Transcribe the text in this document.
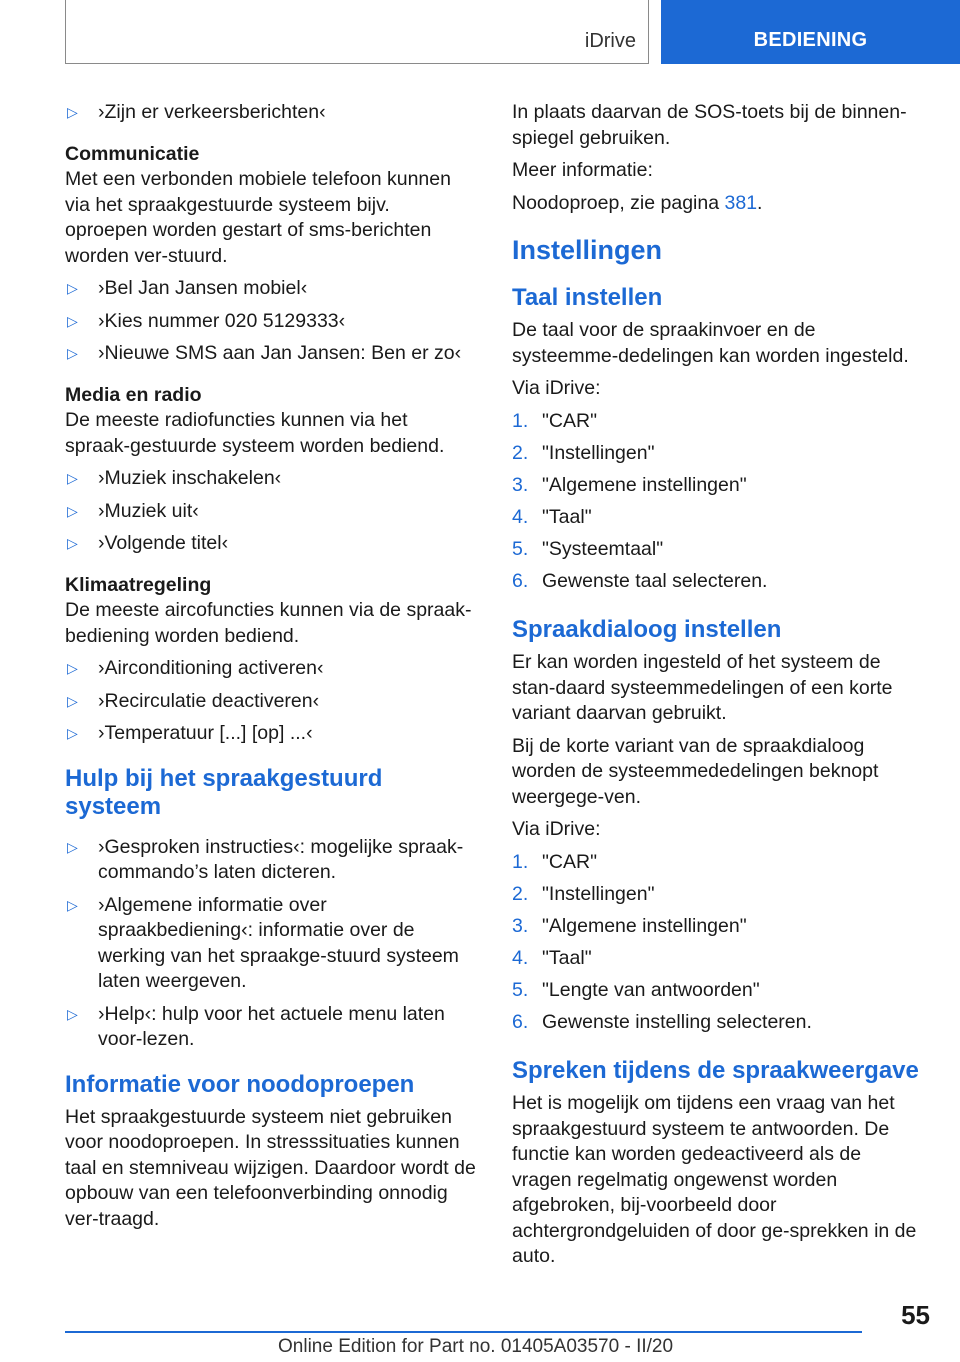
iDrive	BEDIENING
▷ ›Zijn er verkeersberichten‹

Communicatie

Met een verbonden mobiele telefoon kunnen via het spraakgestuurde systeem bijv. oproepen worden gestart of sms-berichten worden ver‐stuurd.

▷ ›Bel Jan Jansen mobiel‹
▷ ›Kies nummer 020 5129333‹
▷ ›Nieuwe SMS aan Jan Jansen: Ben er zo‹

Media en radio

De meeste radiofuncties kunnen via het spraak‐gestuurde systeem worden bediend.

▷ ›Muziek inschakelen‹
▷ ›Muziek uit‹
▷ ›Volgende titel‹

Klimaatregeling

De meeste aircofuncties kunnen via de spraak‐bediening worden bediend.

▷ ›Airconditioning activeren‹
▷ ›Recirculatie deactiveren‹
▷ ›Temperatuur [...] [op] ...‹
Hulp bij het spraakgestuurd systeem
▷ ›Gesproken instructies‹: mogelijke spraak‐commando’s laten dicteren.
▷ ›Algemene informatie over spraakbediening‹: informatie over de werking van het spraakge‐stuurd systeem laten weergeven.
▷ ›Help‹: hulp voor het actuele menu laten voor‐lezen.
Informatie voor noodoproepen

Het spraakgestuurde systeem niet gebruiken voor noodoproepen. In stresssituaties kunnen taal en stemniveau wijzigen. Daardoor wordt de opbouw van een telefoonverbinding onnodig ver‐traagd.

In plaats daarvan de SOS-toets bij de binnen‐spiegel gebruiken.

Meer informatie:

Noodoproep, zie pagina 381.

Instellingen
Taal instellen

De taal voor de spraakinvoer en de systeemme‐dedelingen kan worden ingesteld.

Via iDrive:

1. "CAR"
2. "Instellingen"
3. "Algemene instellingen"
4. "Taal"
5. "Systeemtaal"
6. Gewenste taal selecteren.
Spraakdialoog instellen

Er kan worden ingesteld of het systeem de stan‐daard systeemmedelingen of een korte variant daarvan gebruikt.

Bij de korte variant van de spraakdialoog worden de systeemmededelingen beknopt weergege‐ven.

Via iDrive:

1. "CAR"
2. "Instellingen"
3. "Algemene instellingen"
4. "Taal"
5. "Lengte van antwoorden"
6. Gewenste instelling selecteren.
Spreken tijdens de spraakweergave

Het is mogelijk om tijdens een vraag van het spraakgestuurd systeem te antwoorden. De functie kan worden gedeactiveerd als de vragen regelmatig ongewenst worden afgebroken, bij‐voorbeeld door achtergrondgeluiden of door ge‐sprekken in de auto.

55
Online Edition for Part no. 01405A03570 - II/20
